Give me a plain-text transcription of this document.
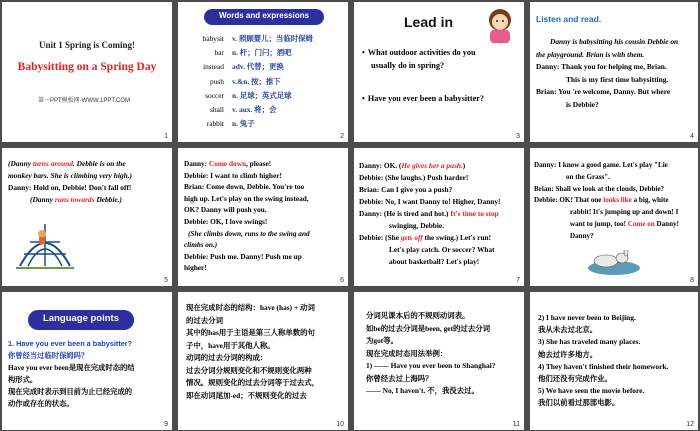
Unit 1 Spring is Coming!
Babysitting on a Spring Day
第一PPT模板网-WWW.1PPT.COM
1
Words and expressions
babysit	v. 照顾婴儿；当临时保姆
bar	n. 杆；门闩；酒吧
instead	adv. 代替；更换
push	v.&n. 按；推下
soccer	n. 足球；英式足球
shall	v. aux. 将；会
rabbit	n. 兔子
2
Lead in
• What outdoor activities do you
usually do in spring?
• Have you ever been a babysitter?
3
Listen and read.
Danny is babysitting his cousin Debbie on
the playground. Brian is with them.
Danny: Thank you for helping me, Brian.
This is my first time babysitting.
Brian: You 're welcome, Danny. But where
is Debbie?
4
(Danny turns around. Debbie is on the
monkey bars. She is climbing very high.)
Danny: Hold on, Debbie! Don't fall off!
(Danny runs towards Debbie.)
5
Danny: Come down, please!
Debbie: I want to climb higher!
Brian: Come down, Debbie. You're too
high up. Let's play on the swing instead,
OK? Danny will push you.
Debbie: OK, I love swings!
(She climbs down, runs to the swing and
climbs on.)
Debbie: Push me. Danny! Push me up
higher!
6
Danny: OK. (He gives her a push.)
Debbie: (She laughs.) Push harder!
Brian: Can I give you a push?
Debbie: No, I want Danny to! Higher, Danny!
Danny: (He is tired and hot.) It's time to stop
swinging, Debbie.
Debbie: (She gets off the swing.) Let's run!
Let's play catch. Or soccer? What
about basketball? Let's play!
7
Danny: I know a good game. Let's play "Lie
on the Grass".
Brian: Shall we look at the clouds, Debbie?
Debbie: OK! That one looks like a big, white
rabbit! It's jumping up and down! I
want to jump, too! Come on Danny!
Danny?
8
Language points
1. Have you ever been a babysitter?
你曾经当过临时保姆吗？
Have you ever been是现在完成时态的结
构形式。
现在完成时表示到目前为止已经完成的
动作或存在的状态。
9
现在完成时态的结构：have (has) + 动词
的过去分词
其中的has用于主语是第三人称单数的句
子中，have用于其他人称。
动词的过去分词的构成：
过去分词分规则变化和不规则变化两种
情况。规则变化的过去分词等于过去式，
即在动词尾加-ed；不规则变化的过去
10
分词见课本后的不规则动词表。
如be的过去分词是been, get的过去分词
为got等。
现在完成时态用法举例：
1) —— Have you ever been to Shanghai?
你曾经去过上海吗？
—— No, I haven't. 不，我没去过。
11
2) I have never been to Beijing.
我从未去过北京。
3) She has traveled many places.
她去过许多地方。
4) They haven't finished their homework.
他们还没有完成作业。
5) We have seen the movie before.
我们以前看过那部电影。
12
